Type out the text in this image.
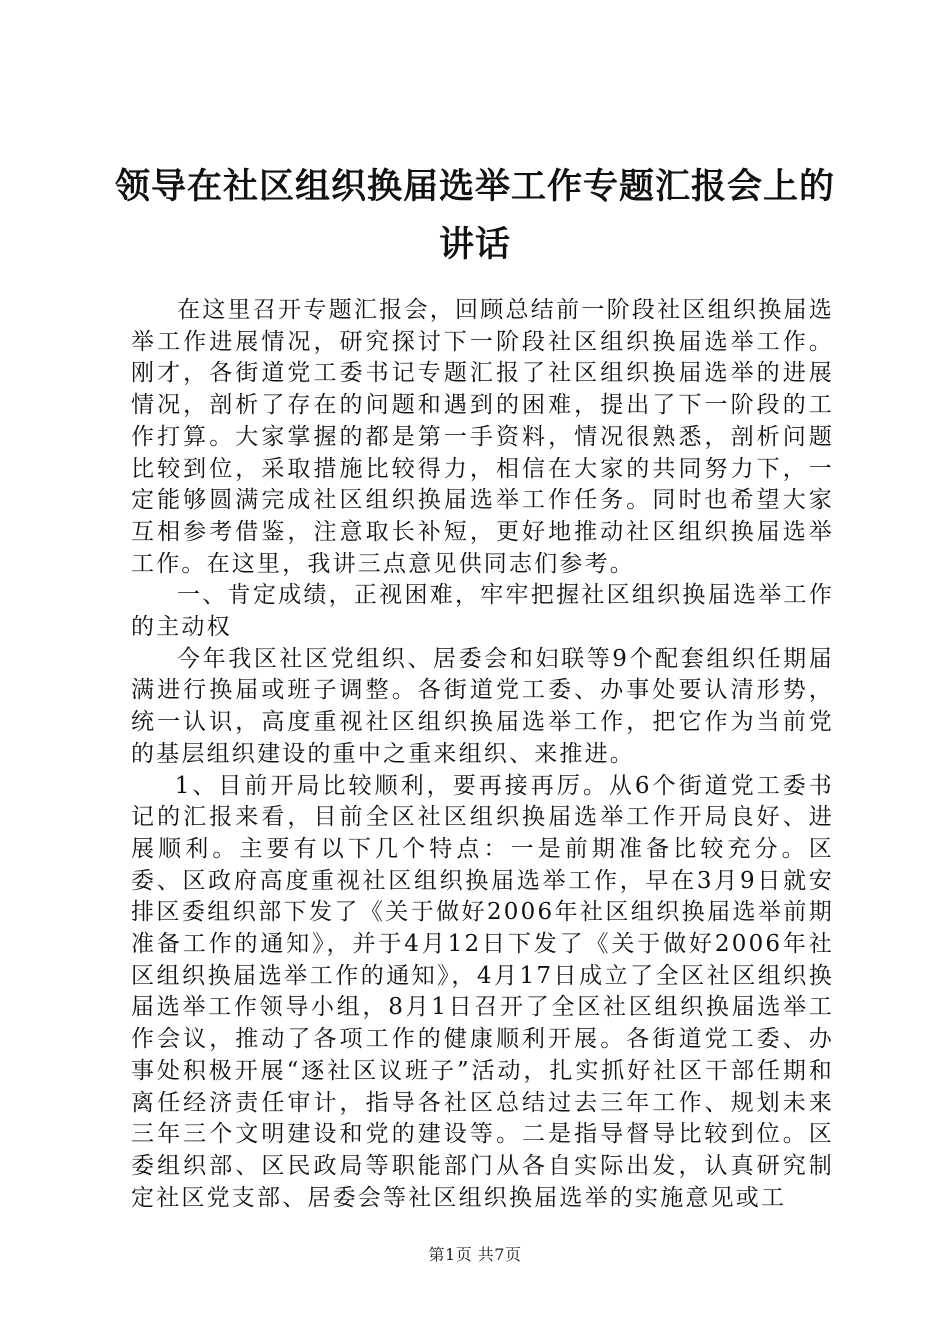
领导在社区组织换届选举工作专题汇报会上的讲话

在这里召开专题汇报会，回顾总结前一阶段社区组织换届选举工作进展情况，研究探讨下一阶段社区组织换届选举工作。刚才，各街道党工委书记专题汇报了社区组织换届选举的进展情况，剖析了存在的问题和遇到的困难，提出了下一阶段的工作打算。大家掌握的都是第一手资料，情况很熟悉，剖析问题比较到位，采取措施比较得力，相信在大家的共同努力下，一定能够圆满完成社区组织换届选举工作任务。同时也希望大家互相参考借鉴，注意取长补短，更好地推动社区组织换届选举工作。在这里，我讲三点意见供同志们参考。

一、肯定成绩，正视困难，牢牢把握社区组织换届选举工作的主动权

今年我区社区党组织、居委会和妇联等9个配套组织任期届满进行换届或班子调整。各街道党工委、办事处要认清形势，统一认识，高度重视社区组织换届选举工作，把它作为当前党的基层组织建设的重中之重来组织、来推进。

1、目前开局比较顺利，要再接再厉。从6个街道党工委书记的汇报来看，目前全区社区组织换届选举工作开局良好、进展顺利。主要有以下几个特点：一是前期准备比较充分。区委、区政府高度重视社区组织换届选举工作，早在3月9日就安排区委组织部下发了《关于做好2006年社区组织换届选举前期准备工作的通知》，并于4月12日下发了《关于做好2006年社区组织换届选举工作的通知》，4月17日成立了全区社区组织换届选举工作领导小组，8月1日召开了全区社区组织换届选举工作会议，推动了各项工作的健康顺利开展。各街道党工委、办事处积极开展“逐社区议班子”活动，扎实抓好社区干部任期和离任经济责任审计，指导各社区总结过去三年工作、规划未来三年三个文明建设和党的建设等。二是指导督导比较到位。区委组织部、区民政局等职能部门从各自实际出发，认真研究制定社区党支部、居委会等社区组织换届选举的实施意见或工

第1页 共7页
